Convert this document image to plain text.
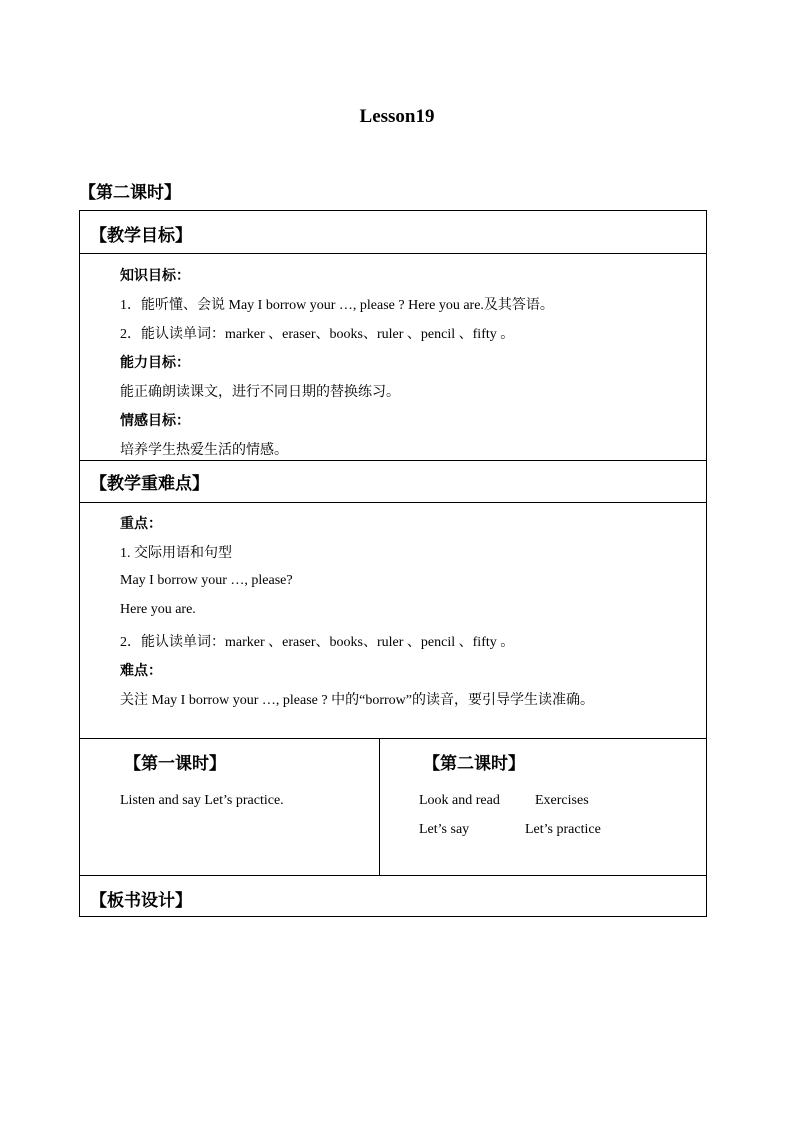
Lesson19
【第二课时】
【教学目标】
知识目标：
1．能听懂、会说 May I borrow your …, please ? Here you are.及其答语。
2．能认读单词：marker 、eraser、books、ruler 、pencil 、fifty 。
能力目标：
能正确朗读课文，进行不同日期的替换练习。
情感目标：
培养学生热爱生活的情感。
【教学重难点】
重点：
1. 交际用语和句型
May I borrow your …, please?
Here you are.
2．能认读单词：marker 、eraser、books、ruler 、pencil 、fifty 。
难点：
关注 May I borrow your …, please ? 中的“borrow”的读音，要引导学生读准确。
【第一课时】
Listen and say Let’s practice.
【第二课时】
Look and read	Exercises
Let’s say	Let’s practice
【板书设计】
